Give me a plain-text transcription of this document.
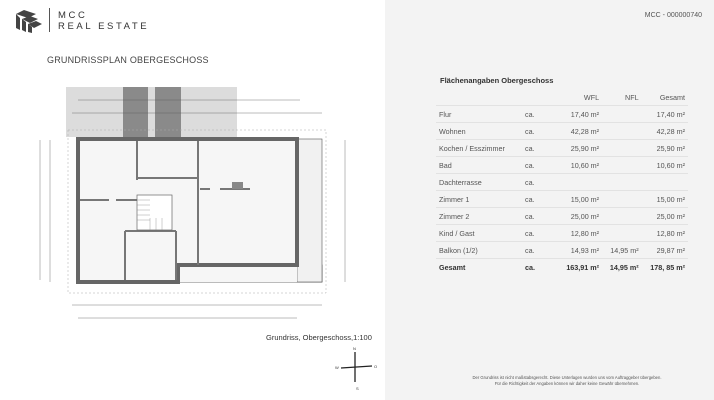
MCC
REAL ESTATE
GRUNDRISSPLAN OBERGESCHOSS
N
S
O
W
Grundriss, Obergeschoss,1:100
MCC - 000000740
Flächenangaben Obergeschoss
		WFL	NFL	Gesamt
Flur	ca.	17,40 m²		17,40 m²
Wohnen	ca.	42,28 m²		42,28 m²
Kochen / Esszimmer	ca.	25,90 m²		25,90 m²
Bad	ca.	10,60 m²		10,60 m²
Dachterrasse	ca.			
Zimmer 1	ca.	15,00 m²		15,00 m²
Zimmer 2	ca.	25,00 m²		25,00 m²
Kind / Gast	ca.	12,80 m²		12,80 m²
Balkon (1/2)	ca.	14,93 m²	14,95 m²	29,87 m²
Gesamt	ca.	163,91 m²	14,95 m²	178, 85 m²
Der Grundriss ist nicht maßstabsgerecht. Diese Unterlagen wurden uns vom Auftraggeber übergeben.
Für die Richtigkeit der Angaben können wir daher keine Gewähr übernehmen.
